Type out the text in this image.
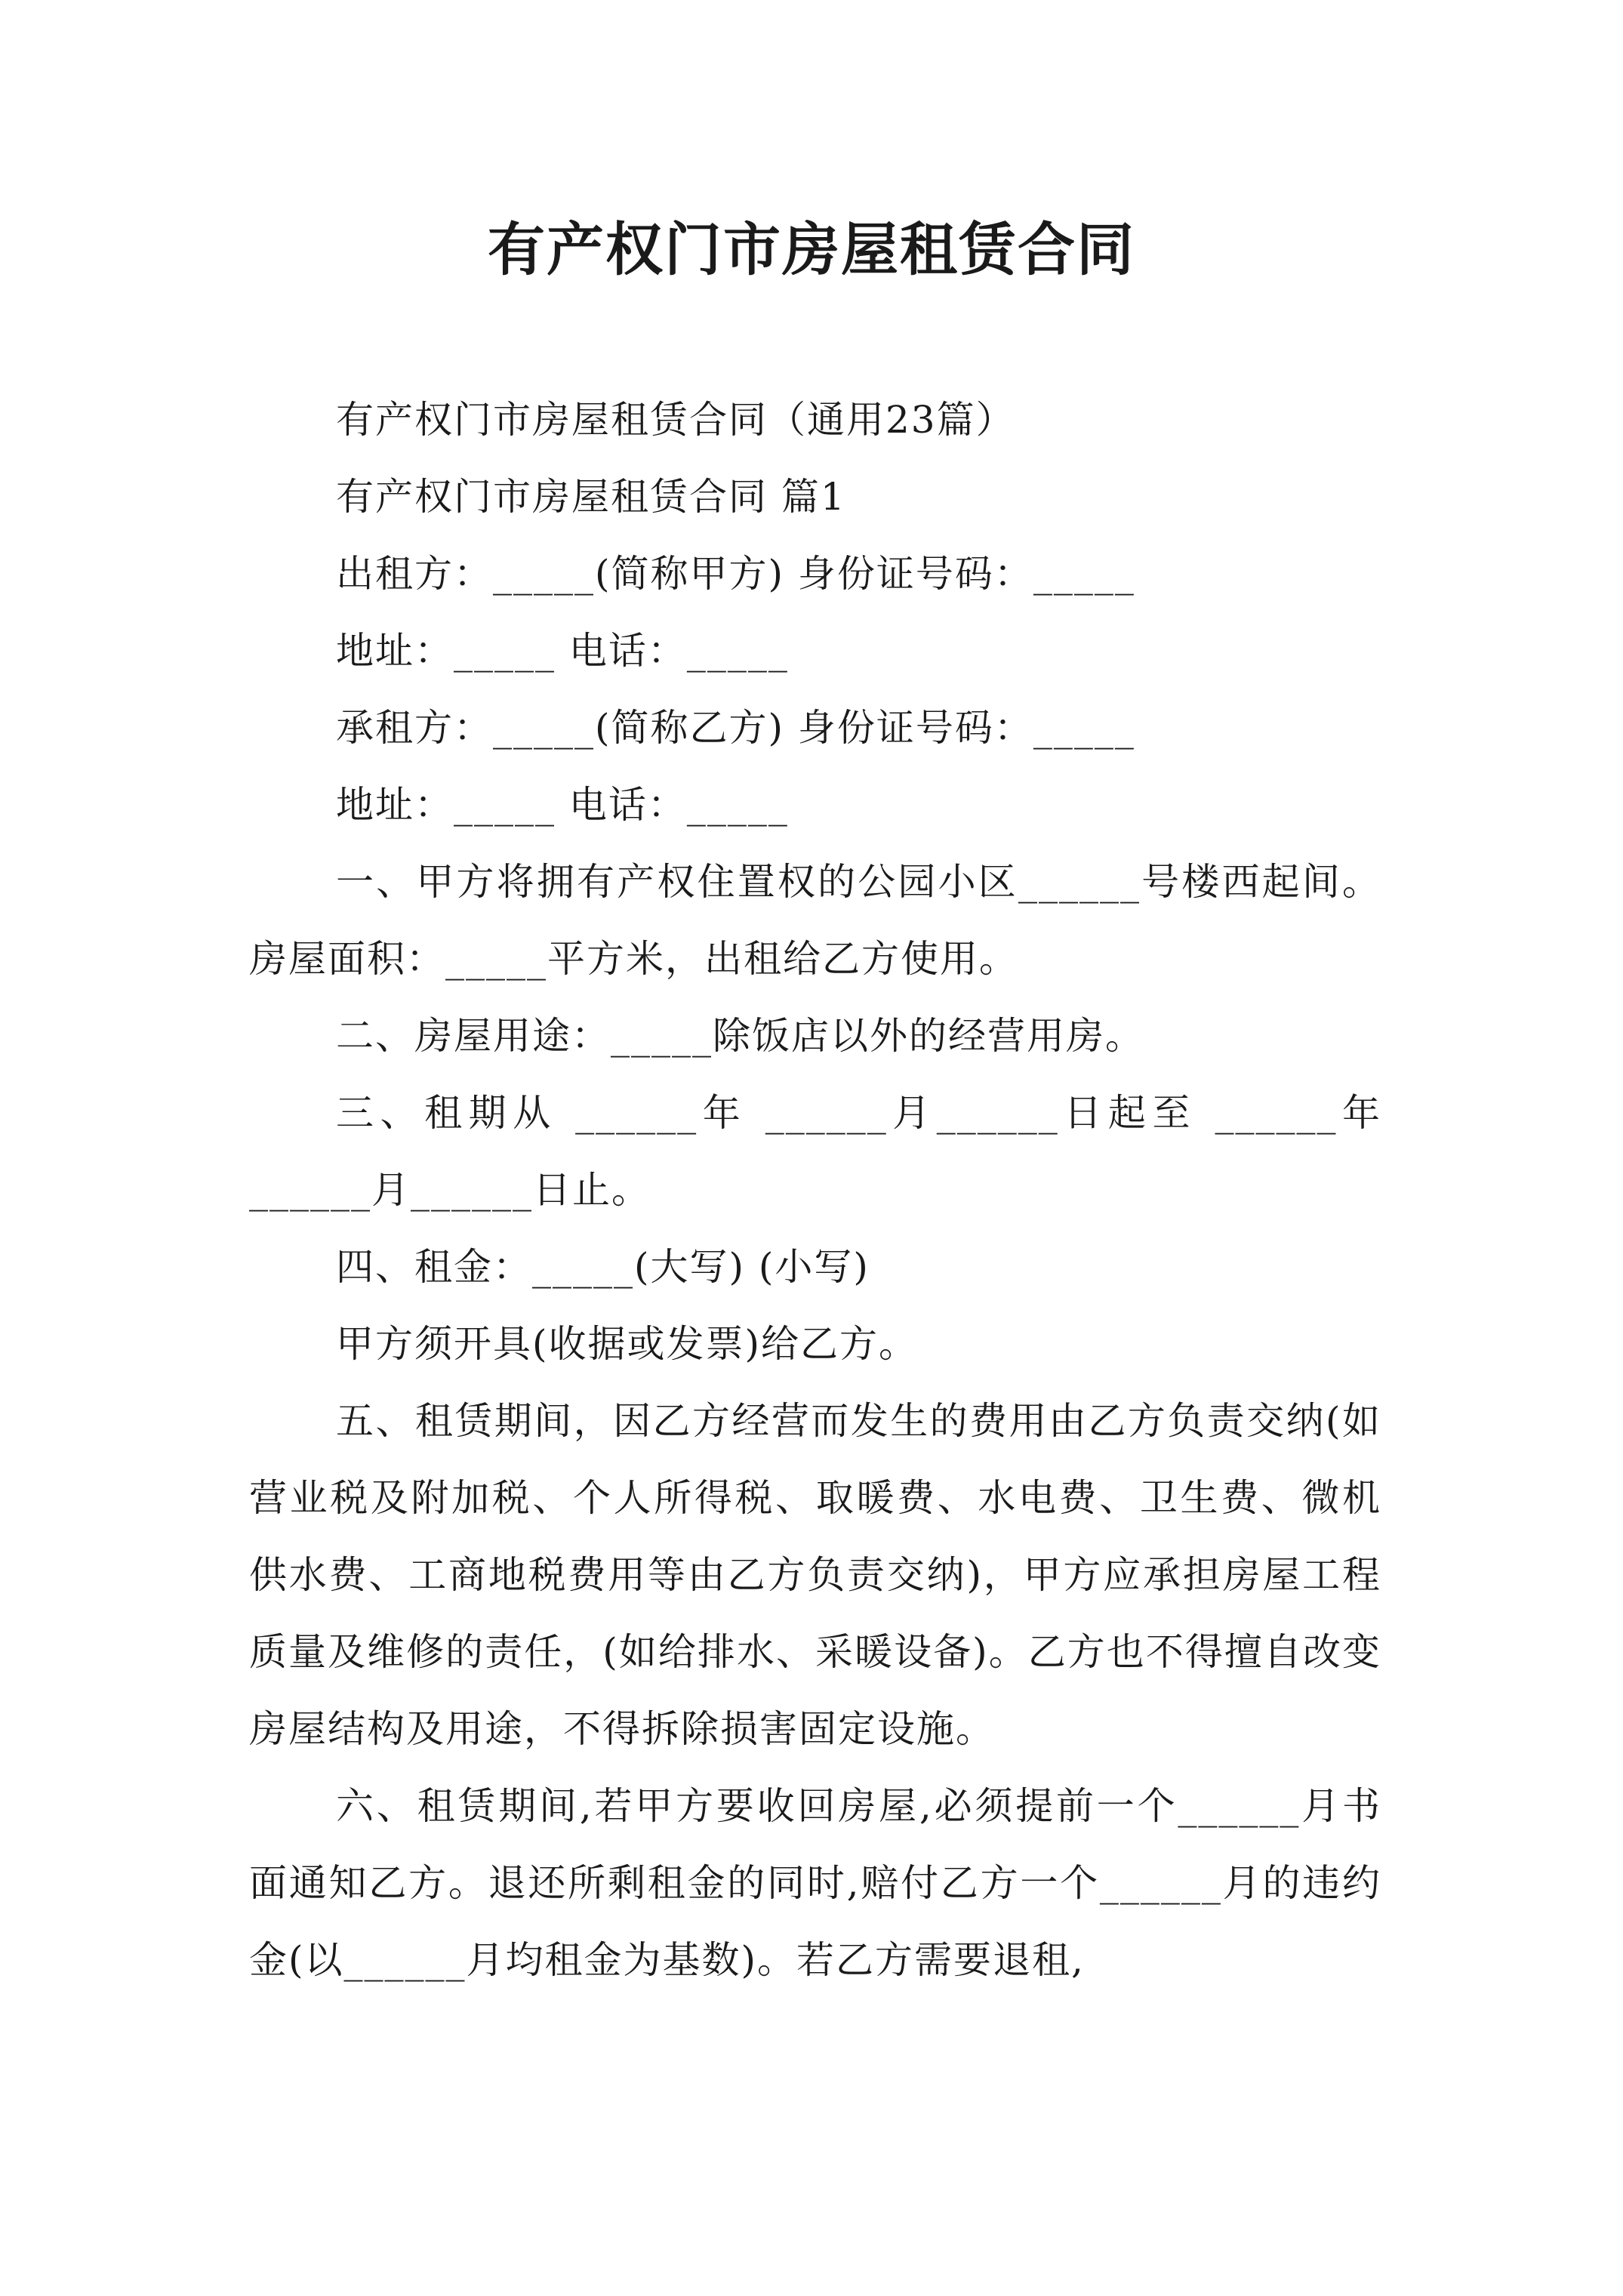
有产权门市房屋租赁合同

有产权门市房屋租赁合同（通用23篇）

有产权门市房屋租赁合同 篇1

出租方：_____(简称甲方) 身份证号码：_____

地址：_____ 电话：_____

承租方：_____(简称乙方) 身份证号码：_____

地址：_____ 电话：_____

一、甲方将拥有产权住置权的公园小区______号楼西起间。房屋面积：_____平方米，出租给乙方使用。

二、房屋用途：_____除饭店以外的经营用房。

三、租期从 ______年 ______月______日起至 ______年 ______月______日止。

四、租金：_____(大写) (小写)

甲方须开具(收据或发票)给乙方。

五、租赁期间，因乙方经营而发生的费用由乙方负责交纳(如营业税及附加税、个人所得税、取暖费、水电费、卫生费、微机供水费、工商地税费用等由乙方负责交纳)，甲方应承担房屋工程质量及维修的责任，(如给排水、采暖设备)。乙方也不得擅自改变房屋结构及用途，不得拆除损害固定设施。

六、租赁期间,若甲方要收回房屋,必须提前一个______月书面通知乙方。退还所剩租金的同时,赔付乙方一个______月的违约金(以______月均租金为基数)。若乙方需要退租,
